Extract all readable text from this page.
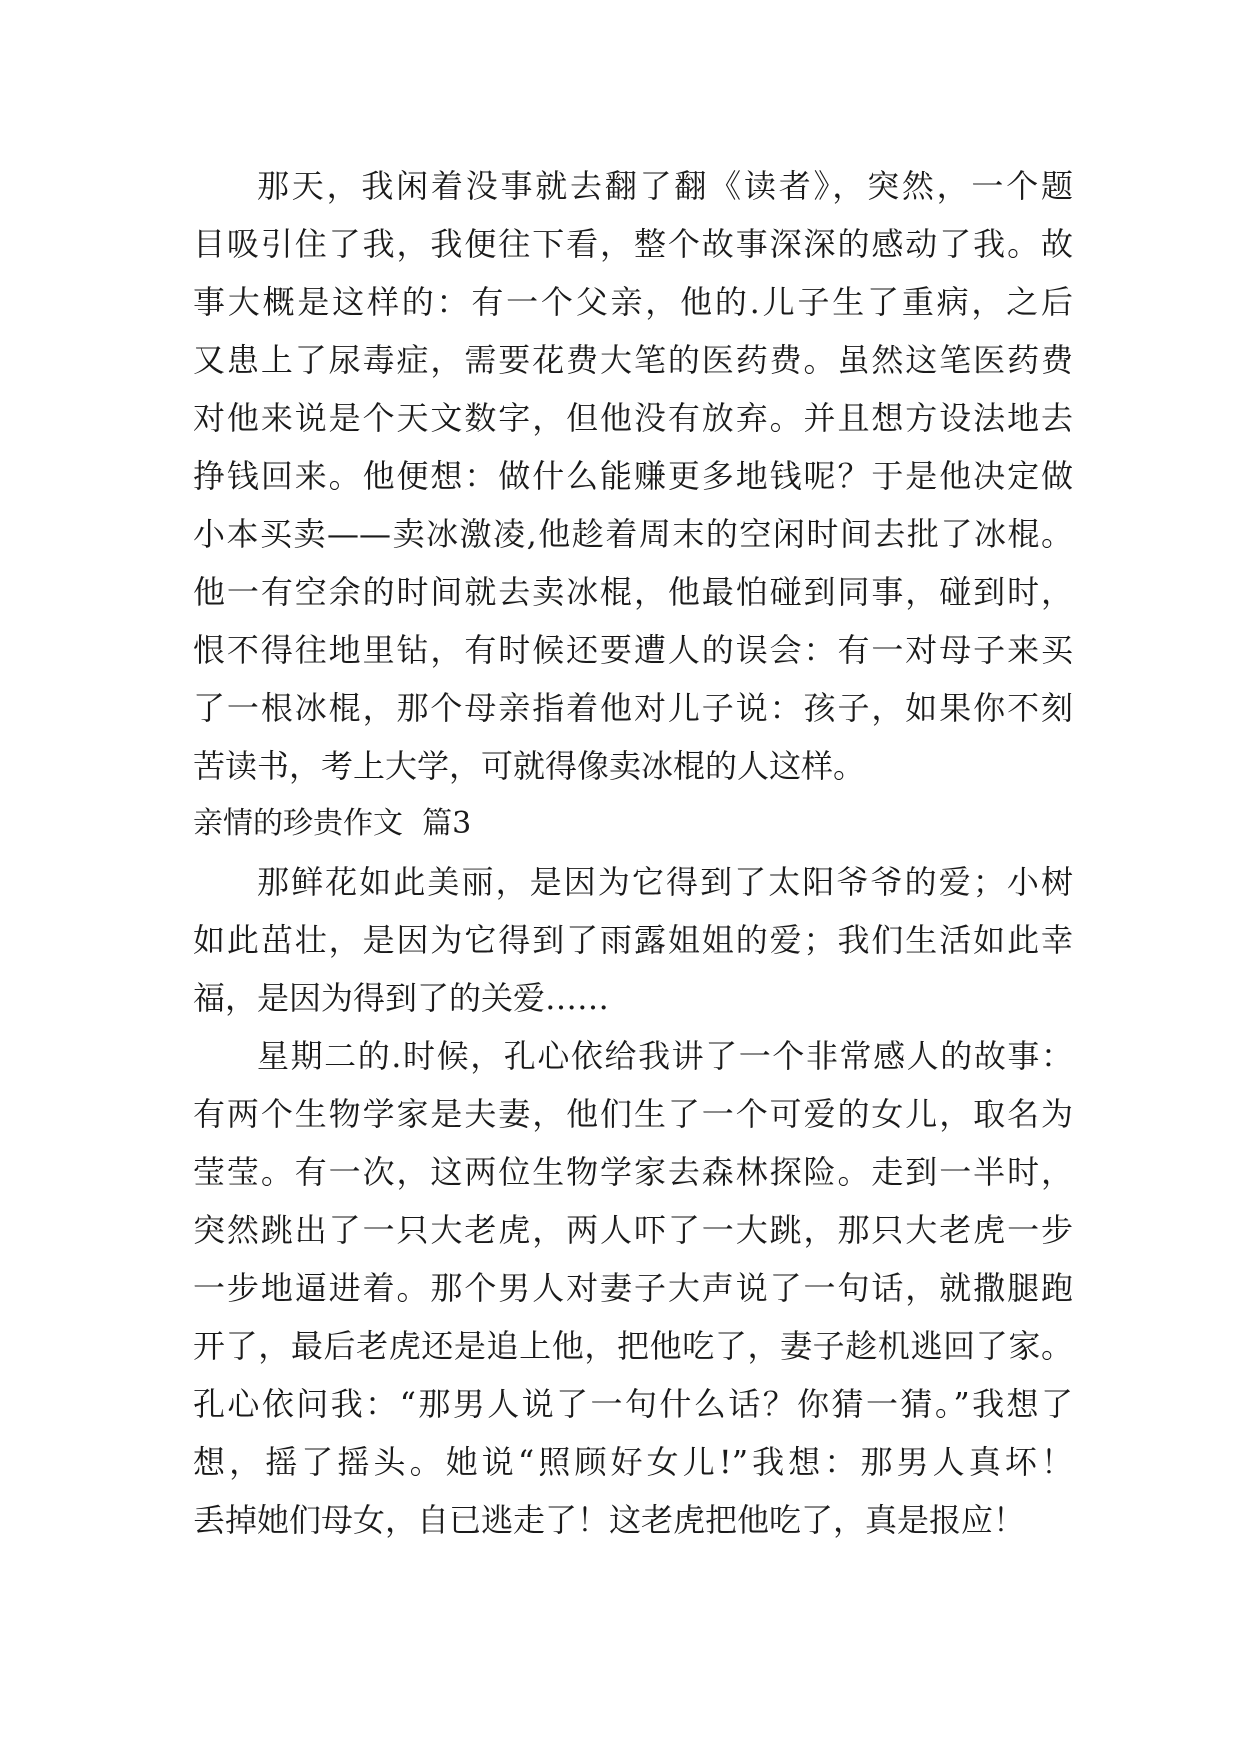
那天，我闲着没事就去翻了翻《读者》，突然，一个题
目吸引住了我，我便往下看，整个故事深深的感动了我。故
事大概是这样的：有一个父亲，他的.儿子生了重病，之后
又患上了尿毒症，需要花费大笔的医药费。虽然这笔医药费
对他来说是个天文数字，但他没有放弃。并且想方设法地去
挣钱回来。他便想：做什么能赚更多地钱呢？于是他决定做
小本买卖——卖冰激凌,他趁着周末的空闲时间去批了冰棍。
他一有空余的时间就去卖冰棍，他最怕碰到同事，碰到时，
恨不得往地里钻，有时候还要遭人的误会：有一对母子来买
了一根冰棍，那个母亲指着他对儿子说：孩子，如果你不刻
苦读书，考上大学，可就得像卖冰棍的人这样。
亲情的珍贵作文  篇3
那鲜花如此美丽，是因为它得到了太阳爷爷的爱；小树
如此茁壮，是因为它得到了雨露姐姐的爱；我们生活如此幸
福，是因为得到了的关爱……
星期二的.时候，孔心依给我讲了一个非常感人的故事：
有两个生物学家是夫妻，他们生了一个可爱的女儿，取名为
莹莹。有一次，这两位生物学家去森林探险。走到一半时，
突然跳出了一只大老虎，两人吓了一大跳，那只大老虎一步
一步地逼进着。那个男人对妻子大声说了一句话，就撒腿跑
开了，最后老虎还是追上他，把他吃了，妻子趁机逃回了家。
孔心依问我：“那男人说了一句什么话？你猜一猜。”我想了
想，摇了摇头。她说“照顾好女儿!”我想：那男人真坏！
丢掉她们母女，自已逃走了！这老虎把他吃了，真是报应！
